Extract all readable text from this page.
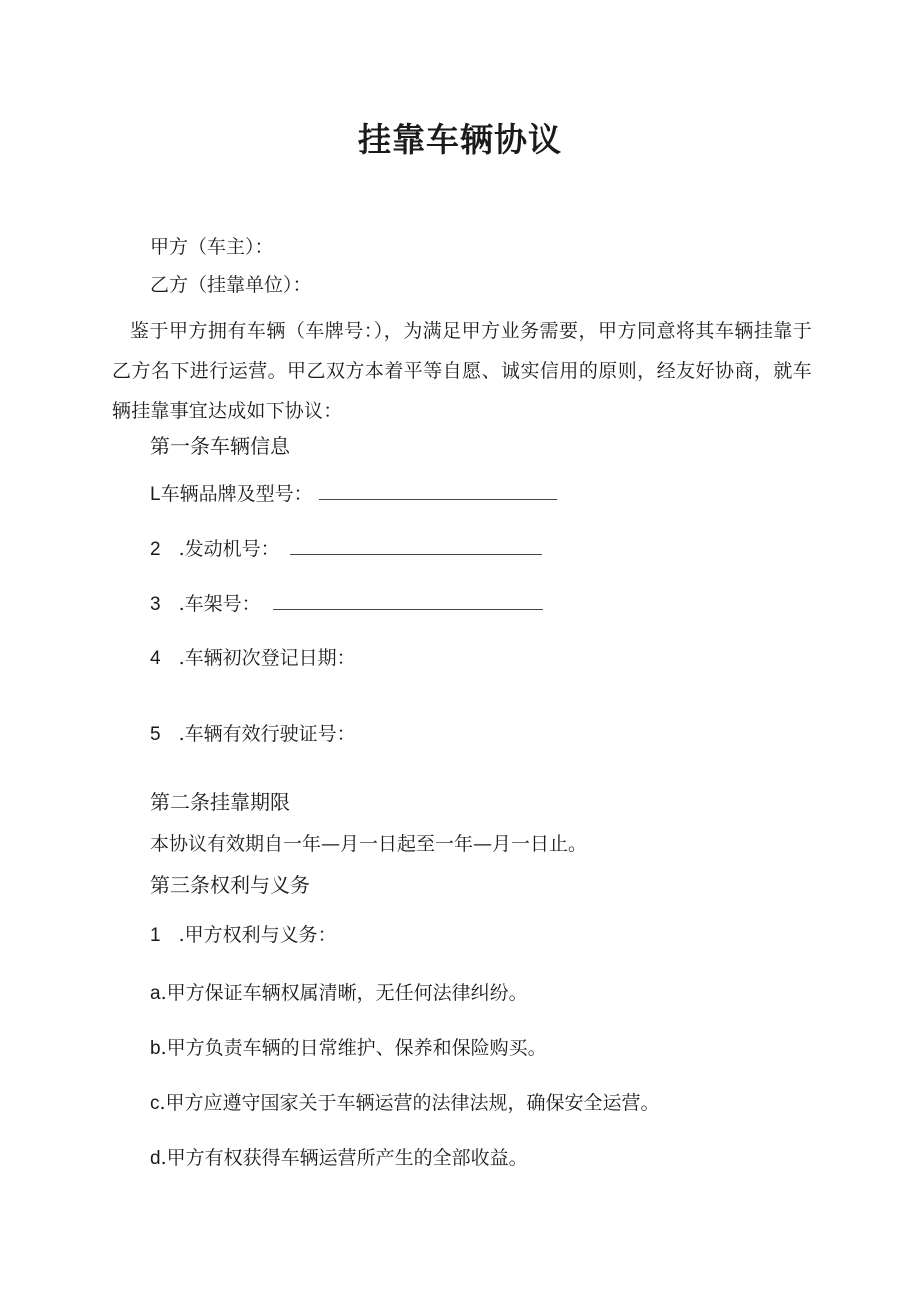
挂靠车辆协议
甲方（车主）：
乙方（挂靠单位）：
鉴于甲方拥有车辆（车牌号：），为满足甲方业务需要，甲方同意将其车辆挂靠于乙方名下进行运营。甲乙双方本着平等自愿、诚实信用的原则，经友好协商，就车辆挂靠事宜达成如下协议：
第一条车辆信息
L车辆品牌及型号：
2 .发动机号：
3 .车架号：
4 .车辆初次登记日期：
5 .车辆有效行驶证号：
第二条挂靠期限
本协议有效期自一年—月一日起至一年—月一日止。
第三条权利与义务
1 .甲方权利与义务：
a.甲方保证车辆权属清晰，无任何法律纠纷。
b.甲方负责车辆的日常维护、保养和保险购买。
c.甲方应遵守国家关于车辆运营的法律法规，确保安全运营。
d.甲方有权获得车辆运营所产生的全部收益。
